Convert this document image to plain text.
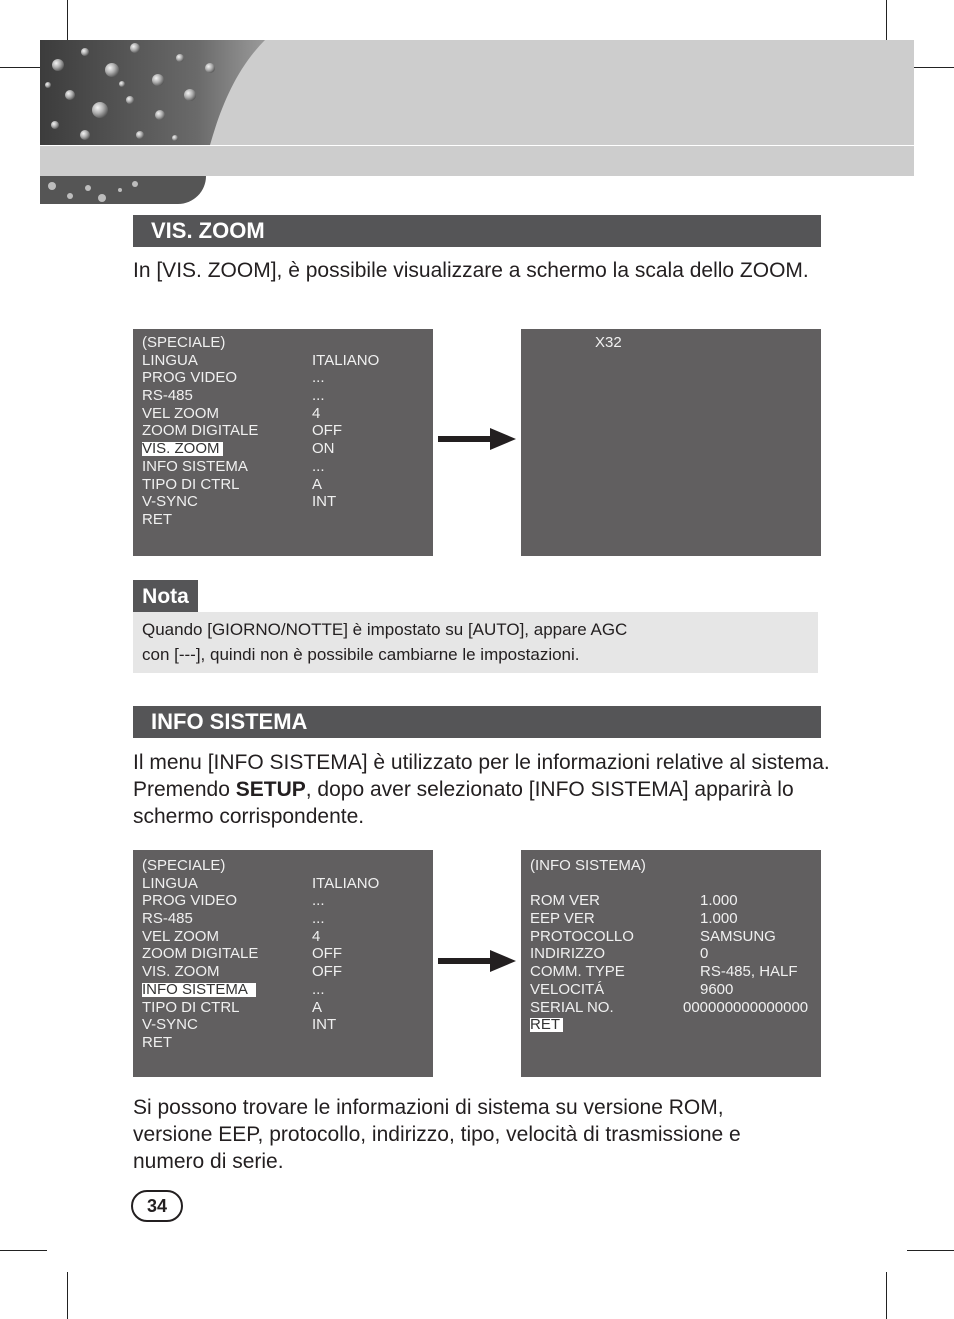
VIS. ZOOM

In [VIS. ZOOM], è possibile visualizzare a schermo la scala dello ZOOM.

(SPECIALE)
LINGUA	ITALIANO
PROG VIDEO	...
RS-485	...
VEL ZOOM	4
ZOOM DIGITALE	OFF
VIS. ZOOM	ON
INFO SISTEMA	...
TIPO DI CTRL	A
V-SYNC	INT
RET
X32
Nota
Quando [GIORNO/NOTTE] è impostato su [AUTO], appare AGC
con [---], quindi non è possibile cambiarne le impostazioni.
INFO SISTEMA

Il menu [INFO SISTEMA] è utilizzato per le informazioni relative al sistema. Premendo SETUP, dopo aver selezionato [INFO SISTEMA] apparirà lo schermo corrispondente.

(SPECIALE)
LINGUA	ITALIANO
PROG VIDEO	...
RS-485	...
VEL ZOOM	4
ZOOM DIGITALE	OFF
VIS. ZOOM	OFF
INFO SISTEMA	...
TIPO DI CTRL	A
V-SYNC	INT
RET
(INFO SISTEMA)
ROM VER	1.000
EEP VER	1.000
PROTOCOLLO	SAMSUNG
INDIRIZZO	0
COMM. TYPE	RS-485, HALF
VELOCITÁ	9600
SERIAL NO.	000000000000000
RET

Si possono trovare le informazioni di sistema su versione ROM, versione EEP, protocollo, indirizzo, tipo, velocità di trasmissione e numero di serie.

34
